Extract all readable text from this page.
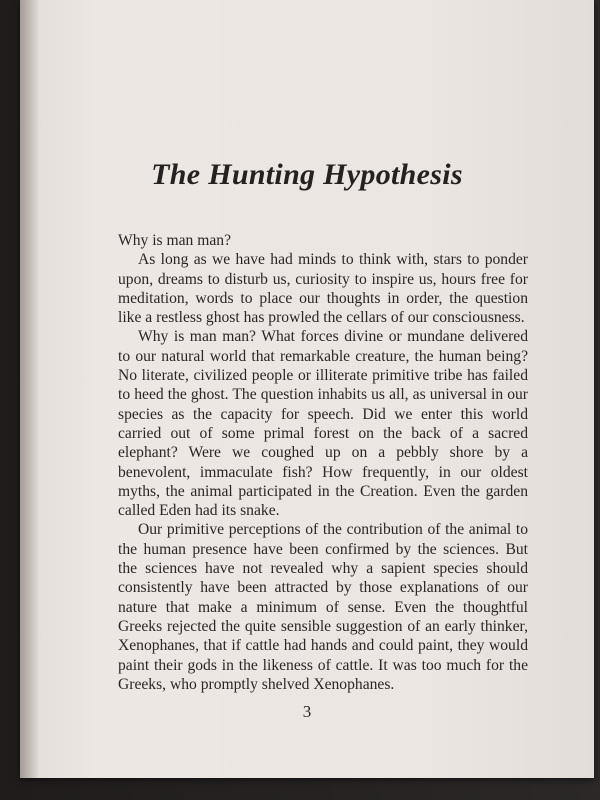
The Hunting Hypothesis

Why is man man?

As long as we have had minds to think with, stars to ponder upon, dreams to disturb us, curiosity to inspire us, hours free for meditation, words to place our thoughts in order, the question like a restless ghost has prowled the cellars of our consciousness.

Why is man man? What forces divine or mundane delivered to our natural world that remarkable creature, the human being? No literate, civilized people or illiterate primitive tribe has failed to heed the ghost. The question inhabits us all, as universal in our species as the capacity for speech. Did we enter this world carried out of some primal forest on the back of a sacred elephant? Were we coughed up on a pebbly shore by a benevolent, immaculate fish? How frequently, in our oldest myths, the animal participated in the Creation. Even the garden called Eden had its snake.

Our primitive perceptions of the contribution of the animal to the human presence have been confirmed by the sciences. But the sciences have not revealed why a sapient species should consistently have been attracted by those explanations of our nature that make a minimum of sense. Even the thoughtful Greeks rejected the quite sensible suggestion of an early thinker, Xenophanes, that if cattle had hands and could paint, they would paint their gods in the likeness of cattle. It was too much for the Greeks, who promptly shelved Xenophanes.

3
